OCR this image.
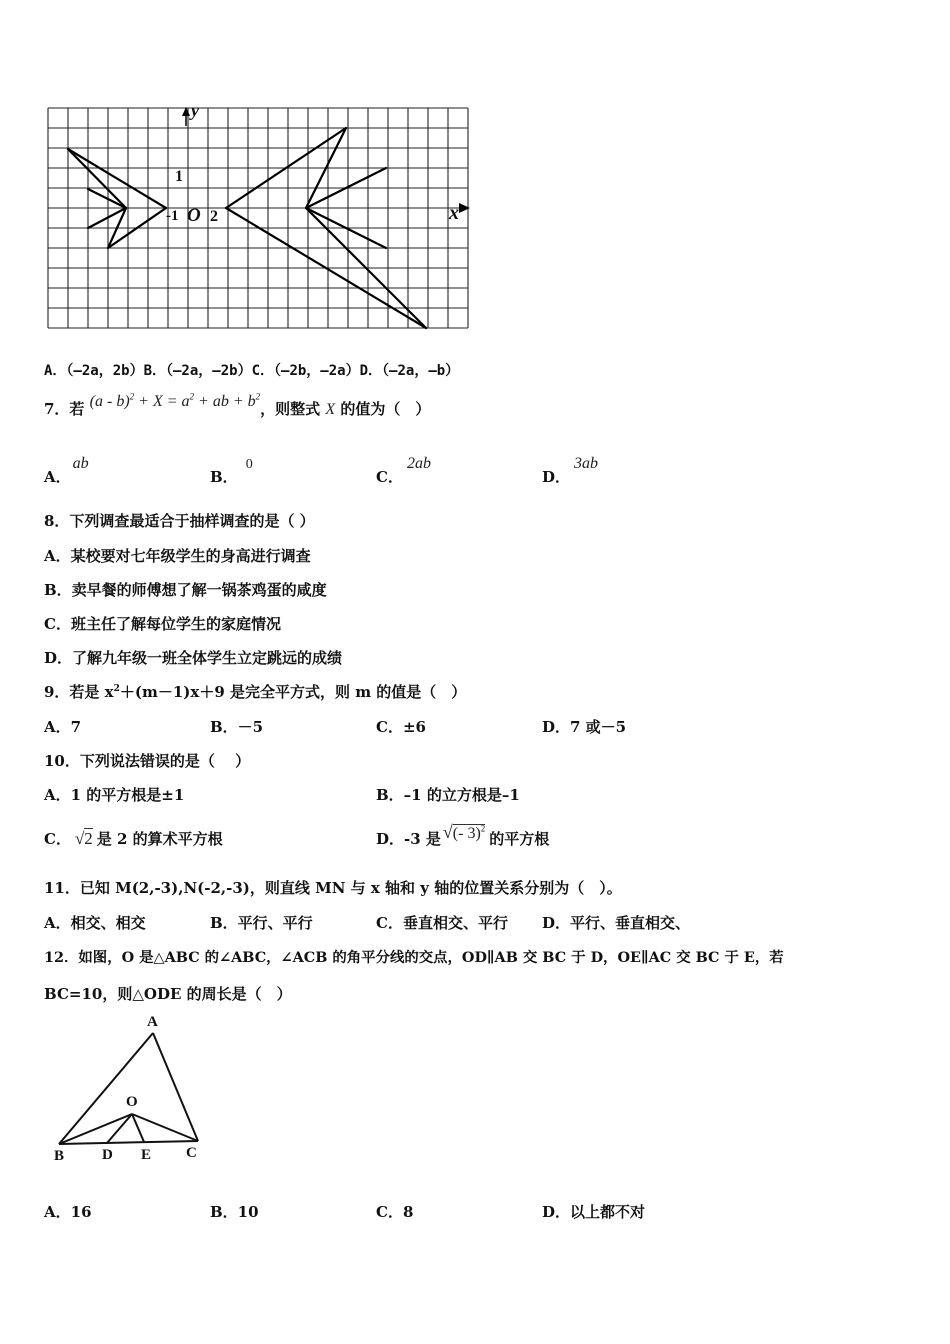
y
x
1
-1 O 2
A．（—2a，2b）B．（—2a，—2b）C．（—2b，—2a）D．（—2a，—b）
7．若 $(a - b)^2 + X = a^2$ + ab + $b^2$，则整式 X 的值为（　）
A．ab
B．0
C．2ab
D．3ab
8．下列调查最适合于抽样调查的是（ ）
A．某校要对七年级学生的身高进行调查
B．卖早餐的师傅想了解一锅茶鸡蛋的咸度
C．班主任了解每位学生的家庭情况
D．了解九年级一班全体学生立定跳远的成绩
9．若是 $x^2+(m-1)x+9$ 是完全平方式，则 m 的值是（　）
A．7	B．－5	C．±6	D．7 或－5
10．下列说法错误的是（　 ）
A．1 的平方根是±1	B．–1 的立方根是–1
C． √2 是 2 的算术平方根	D．-3 是 √(- 3)$^2$的平方根
11．已知 M(2,-3),N(-2,-3)，则直线 MN 与 x 轴和 y 轴的位置关系分别为（　）。
A．相交、相交	B．平行、平行	C．垂直相交、平行 D．平行、垂直相交、
12．如图，O 是△ABC 的∠ABC，∠ACB 的角平分线的交点，OD∥AB 交 BC 于 D，OE∥AC 交 BC 于 E，若
BC=10，则△ODE 的周长是（　）
A
O
B	D E C
A．16	B．10	C．8	D．以上都不对
